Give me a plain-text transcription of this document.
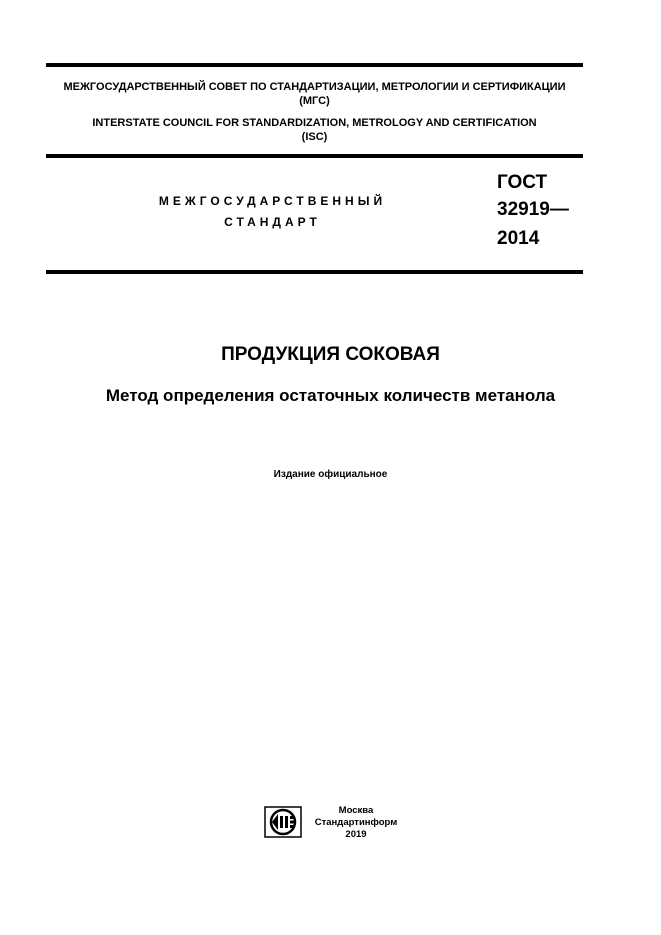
МЕЖГОСУДАРСТВЕННЫЙ СОВЕТ ПО СТАНДАРТИЗАЦИИ, МЕТРОЛОГИИ И СЕРТИФИКАЦИИ
(МГС)
INTERSTATE COUNCIL FOR STANDARDIZATION, METROLOGY AND CERTIFICATION
(ISC)
МЕЖГОСУДАРСТВЕННЫЙ
СТАНДАРТ
ГОСТ
32919—
2014
ПРОДУКЦИЯ СОКОВАЯ
Метод определения остаточных количеств метанола
Издание официальное
Москва
Стандартинформ
2019
